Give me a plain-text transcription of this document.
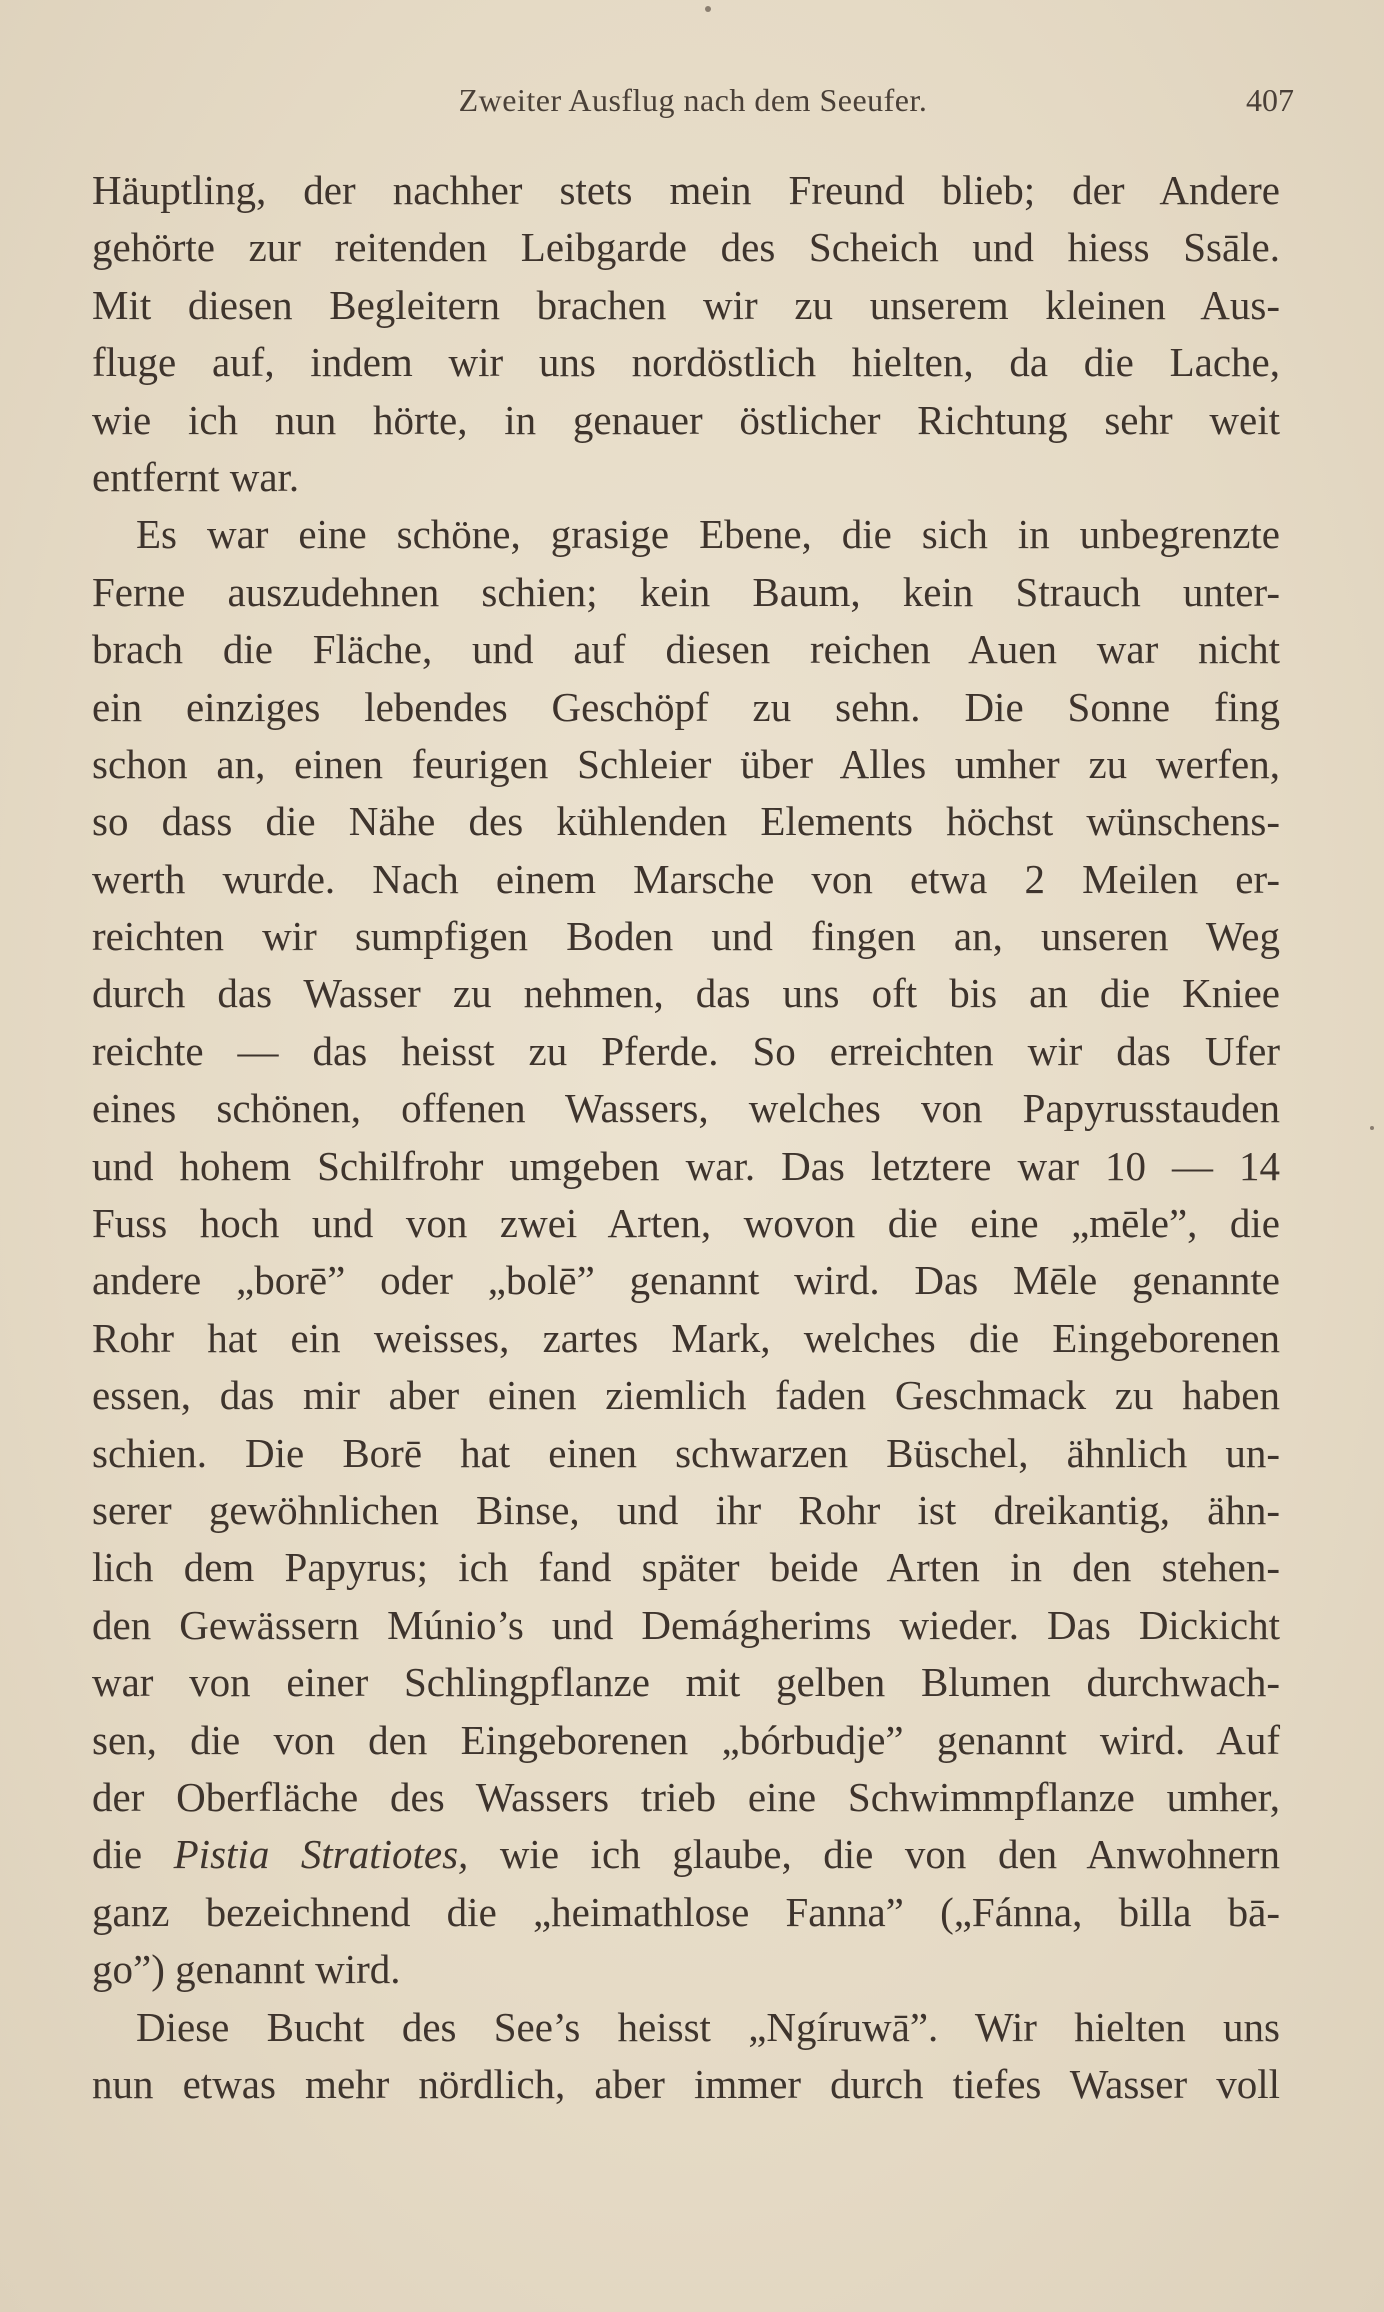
Zweiter Ausflug nach dem Seeufer.	407
Häuptling, der nachher stets mein Freund blieb; der Andere
gehörte zur reitenden Leibgarde des Scheich und hiess Ssāle.
Mit diesen Begleitern brachen wir zu unserem kleinen Aus-
fluge auf, indem wir uns nordöstlich hielten, da die Lache,
wie ich nun hörte, in genauer östlicher Richtung sehr weit
entfernt war.
Es war eine schöne, grasige Ebene, die sich in unbegrenzte
Ferne auszudehnen schien; kein Baum, kein Strauch unter-
brach die Fläche, und auf diesen reichen Auen war nicht
ein einziges lebendes Geschöpf zu sehn. Die Sonne fing
schon an, einen feurigen Schleier über Alles umher zu werfen,
so dass die Nähe des kühlenden Elements höchst wünschens-
werth wurde. Nach einem Marsche von etwa 2 Meilen er-
reichten wir sumpfigen Boden und fingen an, unseren Weg
durch das Wasser zu nehmen, das uns oft bis an die Kniee
reichte — das heisst zu Pferde. So erreichten wir das Ufer
eines schönen, offenen Wassers, welches von Papyrusstauden
und hohem Schilfrohr umgeben war. Das letztere war 10 — 14
Fuss hoch und von zwei Arten, wovon die eine „mēle”, die
andere „borē” oder „bolē” genannt wird. Das Mēle genannte
Rohr hat ein weisses, zartes Mark, welches die Eingeborenen
essen, das mir aber einen ziemlich faden Geschmack zu haben
schien. Die Borē hat einen schwarzen Büschel, ähnlich un-
serer gewöhnlichen Binse, und ihr Rohr ist dreikantig, ähn-
lich dem Papyrus; ich fand später beide Arten in den stehen-
den Gewässern Múnio’s und Demágherims wieder. Das Dickicht
war von einer Schlingpflanze mit gelben Blumen durchwach-
sen, die von den Eingeborenen „bórbudje” genannt wird. Auf
der Oberfläche des Wassers trieb eine Schwimmpflanze umher,
die Pistia Stratiotes, wie ich glaube, die von den Anwohnern
ganz bezeichnend die „heimathlose Fanna” („Fánna, billa bā-
go”) genannt wird.
Diese Bucht des See’s heisst „Ngíruwā”. Wir hielten uns
nun etwas mehr nördlich, aber immer durch tiefes Wasser voll
